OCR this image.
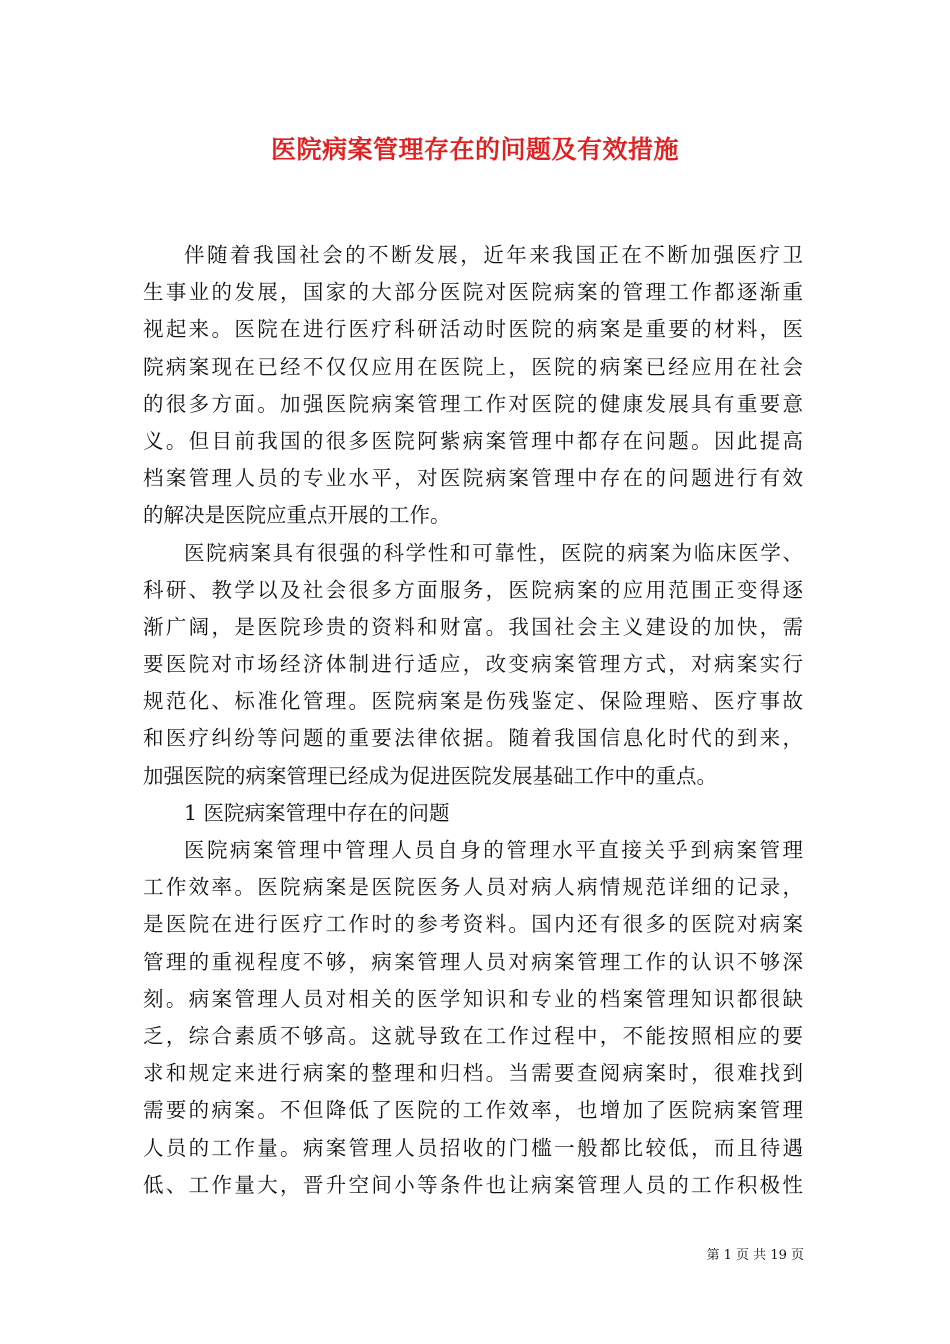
医院病案管理存在的问题及有效措施
伴随着我国社会的不断发展，近年来我国正在不断加强医疗卫
生事业的发展，国家的大部分医院对医院病案的管理工作都逐渐重
视起来。医院在进行医疗科研活动时医院的病案是重要的材料，医
院病案现在已经不仅仅应用在医院上，医院的病案已经应用在社会
的很多方面。加强医院病案管理工作对医院的健康发展具有重要意
义。但目前我国的很多医院阿紫病案管理中都存在问题。因此提高
档案管理人员的专业水平，对医院病案管理中存在的问题进行有效
的解决是医院应重点开展的工作。
医院病案具有很强的科学性和可靠性，医院的病案为临床医学、
科研、教学以及社会很多方面服务，医院病案的应用范围正变得逐
渐广阔，是医院珍贵的资料和财富。我国社会主义建设的加快，需
要医院对市场经济体制进行适应，改变病案管理方式，对病案实行
规范化、标准化管理。医院病案是伤残鉴定、保险理赔、医疗事故
和医疗纠纷等问题的重要法律依据。随着我国信息化时代的到来，
加强医院的病案管理已经成为促进医院发展基础工作中的重点。
1 医院病案管理中存在的问题
医院病案管理中管理人员自身的管理水平直接关乎到病案管理
工作效率。医院病案是医院医务人员对病人病情规范详细的记录，
是医院在进行医疗工作时的参考资料。国内还有很多的医院对病案
管理的重视程度不够，病案管理人员对病案管理工作的认识不够深
刻。病案管理人员对相关的医学知识和专业的档案管理知识都很缺
乏，综合素质不够高。这就导致在工作过程中，不能按照相应的要
求和规定来进行病案的整理和归档。当需要查阅病案时，很难找到
需要的病案。不但降低了医院的工作效率，也增加了医院病案管理
人员的工作量。病案管理人员招收的门槛一般都比较低，而且待遇
低、工作量大，晋升空间小等条件也让病案管理人员的工作积极性
第 1 页 共 19 页
